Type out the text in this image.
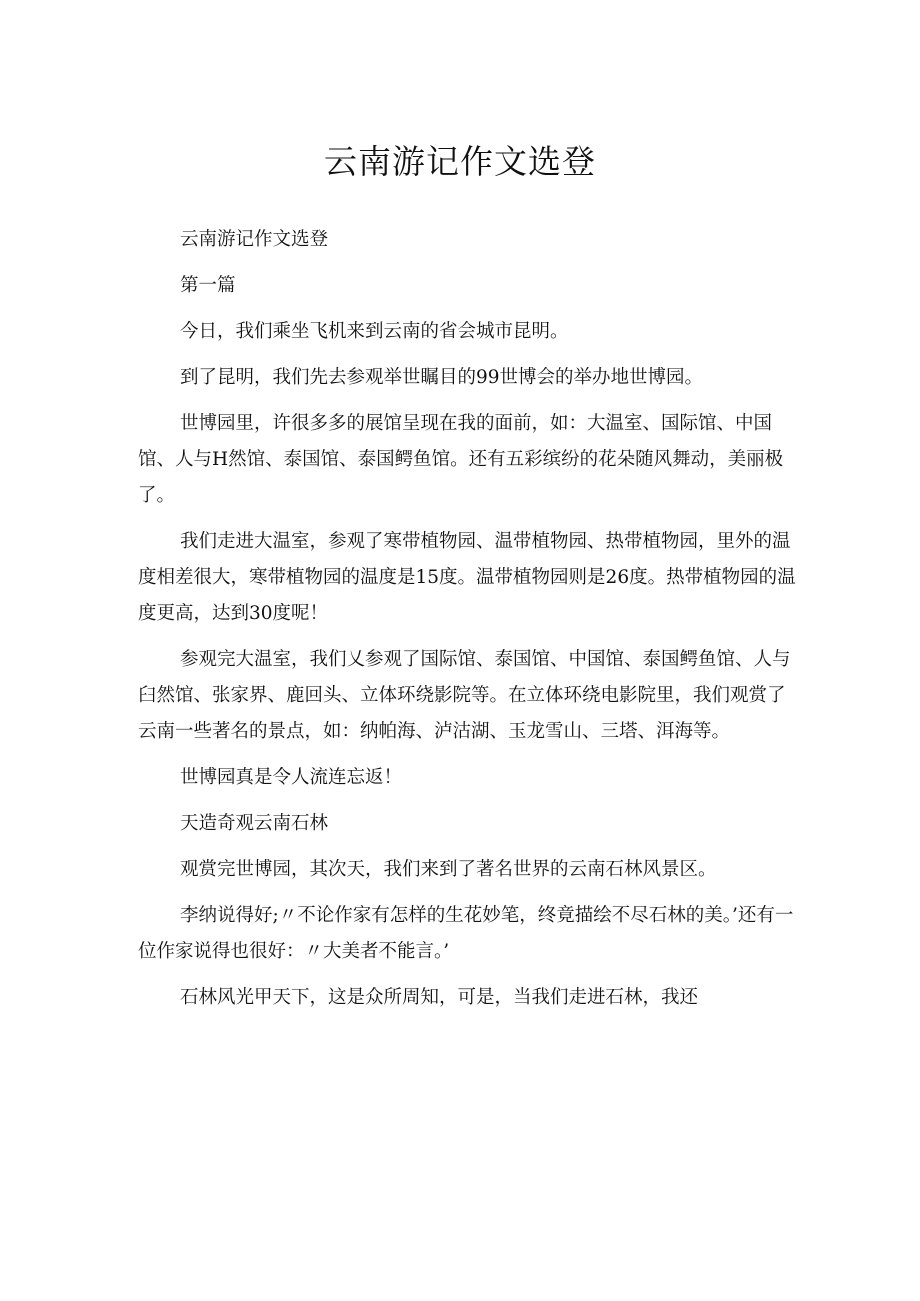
云南游记作文选登

云南游记作文选登

第一篇

今日，我们乘坐飞机来到云南的省会城市昆明。

到了昆明，我们先去参观举世瞩目的99世博会的举办地世博园。

世博园里，许很多多的展馆呈现在我的面前，如：大温室、国际馆、中国馆、人与H然馆、泰国馆、泰国鳄鱼馆。还有五彩缤纷的花朵随风舞动，美丽极了。

我们走进大温室，参观了寒带植物园、温带植物园、热带植物园，里外的温度相差很大，寒带植物园的温度是15度。温带植物园则是26度。热带植物园的温度更高，达到30度呢！

参观完大温室，我们乂参观了国际馆、泰国馆、中国馆、泰国鳄鱼馆、人与臼然馆、张家界、鹿回头、立体环绕影院等。在立体环绕电影院里，我们观赏了云南一些著名的景点，如：纳帕海、泸沽湖、玉龙雪山、三塔、洱海等。

世博园真是令人流连忘返！

天造奇观云南石林

观赏完世博园，其次天，我们来到了著名世界的云南石林风景区。

李纳说得好;〃不论作家有怎样的生花妙笔，终竟描绘不尽石林的美。’还有一位作家说得也很好：〃大美者不能言。’

石林风光甲天下，这是众所周知，可是，当我们走进石林，我还
